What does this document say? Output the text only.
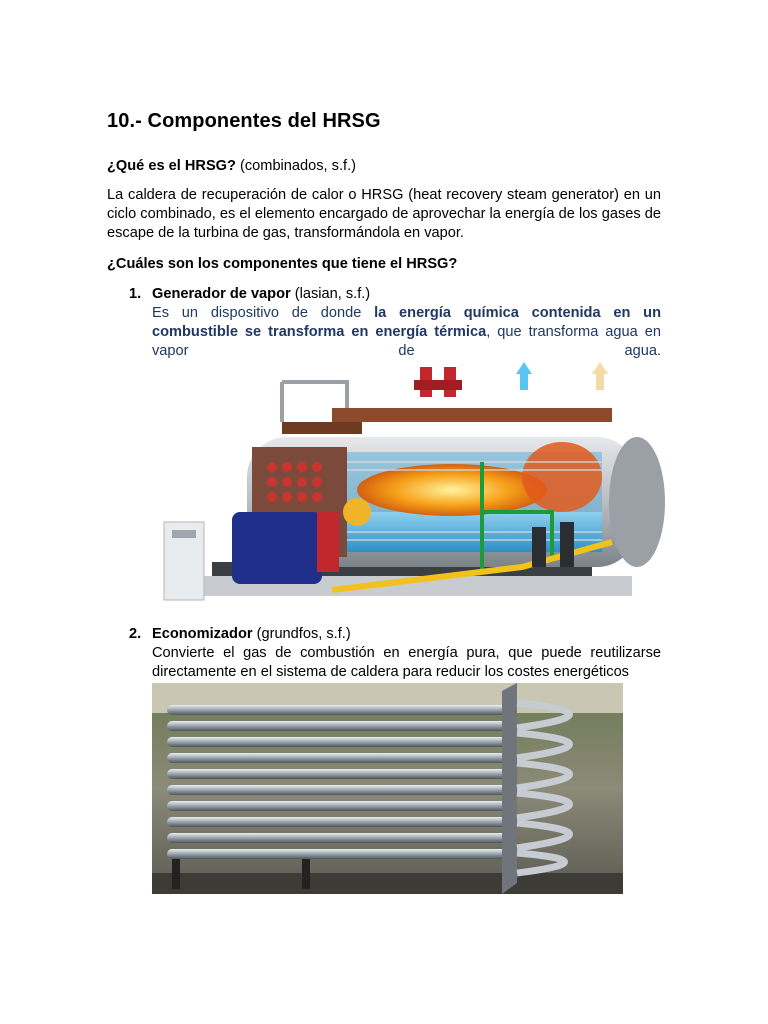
10.- Componentes del HRSG

¿Qué es el HRSG? (combinados, s.f.)

La caldera de recuperación de calor o HRSG (heat recovery steam generator) en un ciclo combinado, es el elemento encargado de aprovechar la energía de los gases de escape de la turbina de gas, transformándola en vapor.

¿Cuáles son los componentes que tiene el HRSG?

1. Generador de vapor (lasian, s.f.)
Es un dispositivo de donde la energía química contenida en un combustible se transforma en energía térmica, que transforma agua en vapor de agua.
2. Economizador (grundfos, s.f.)
Convierte el gas de combustión en energía pura, que puede reutilizarse directamente en el sistema de caldera para reducir los costes energéticos
